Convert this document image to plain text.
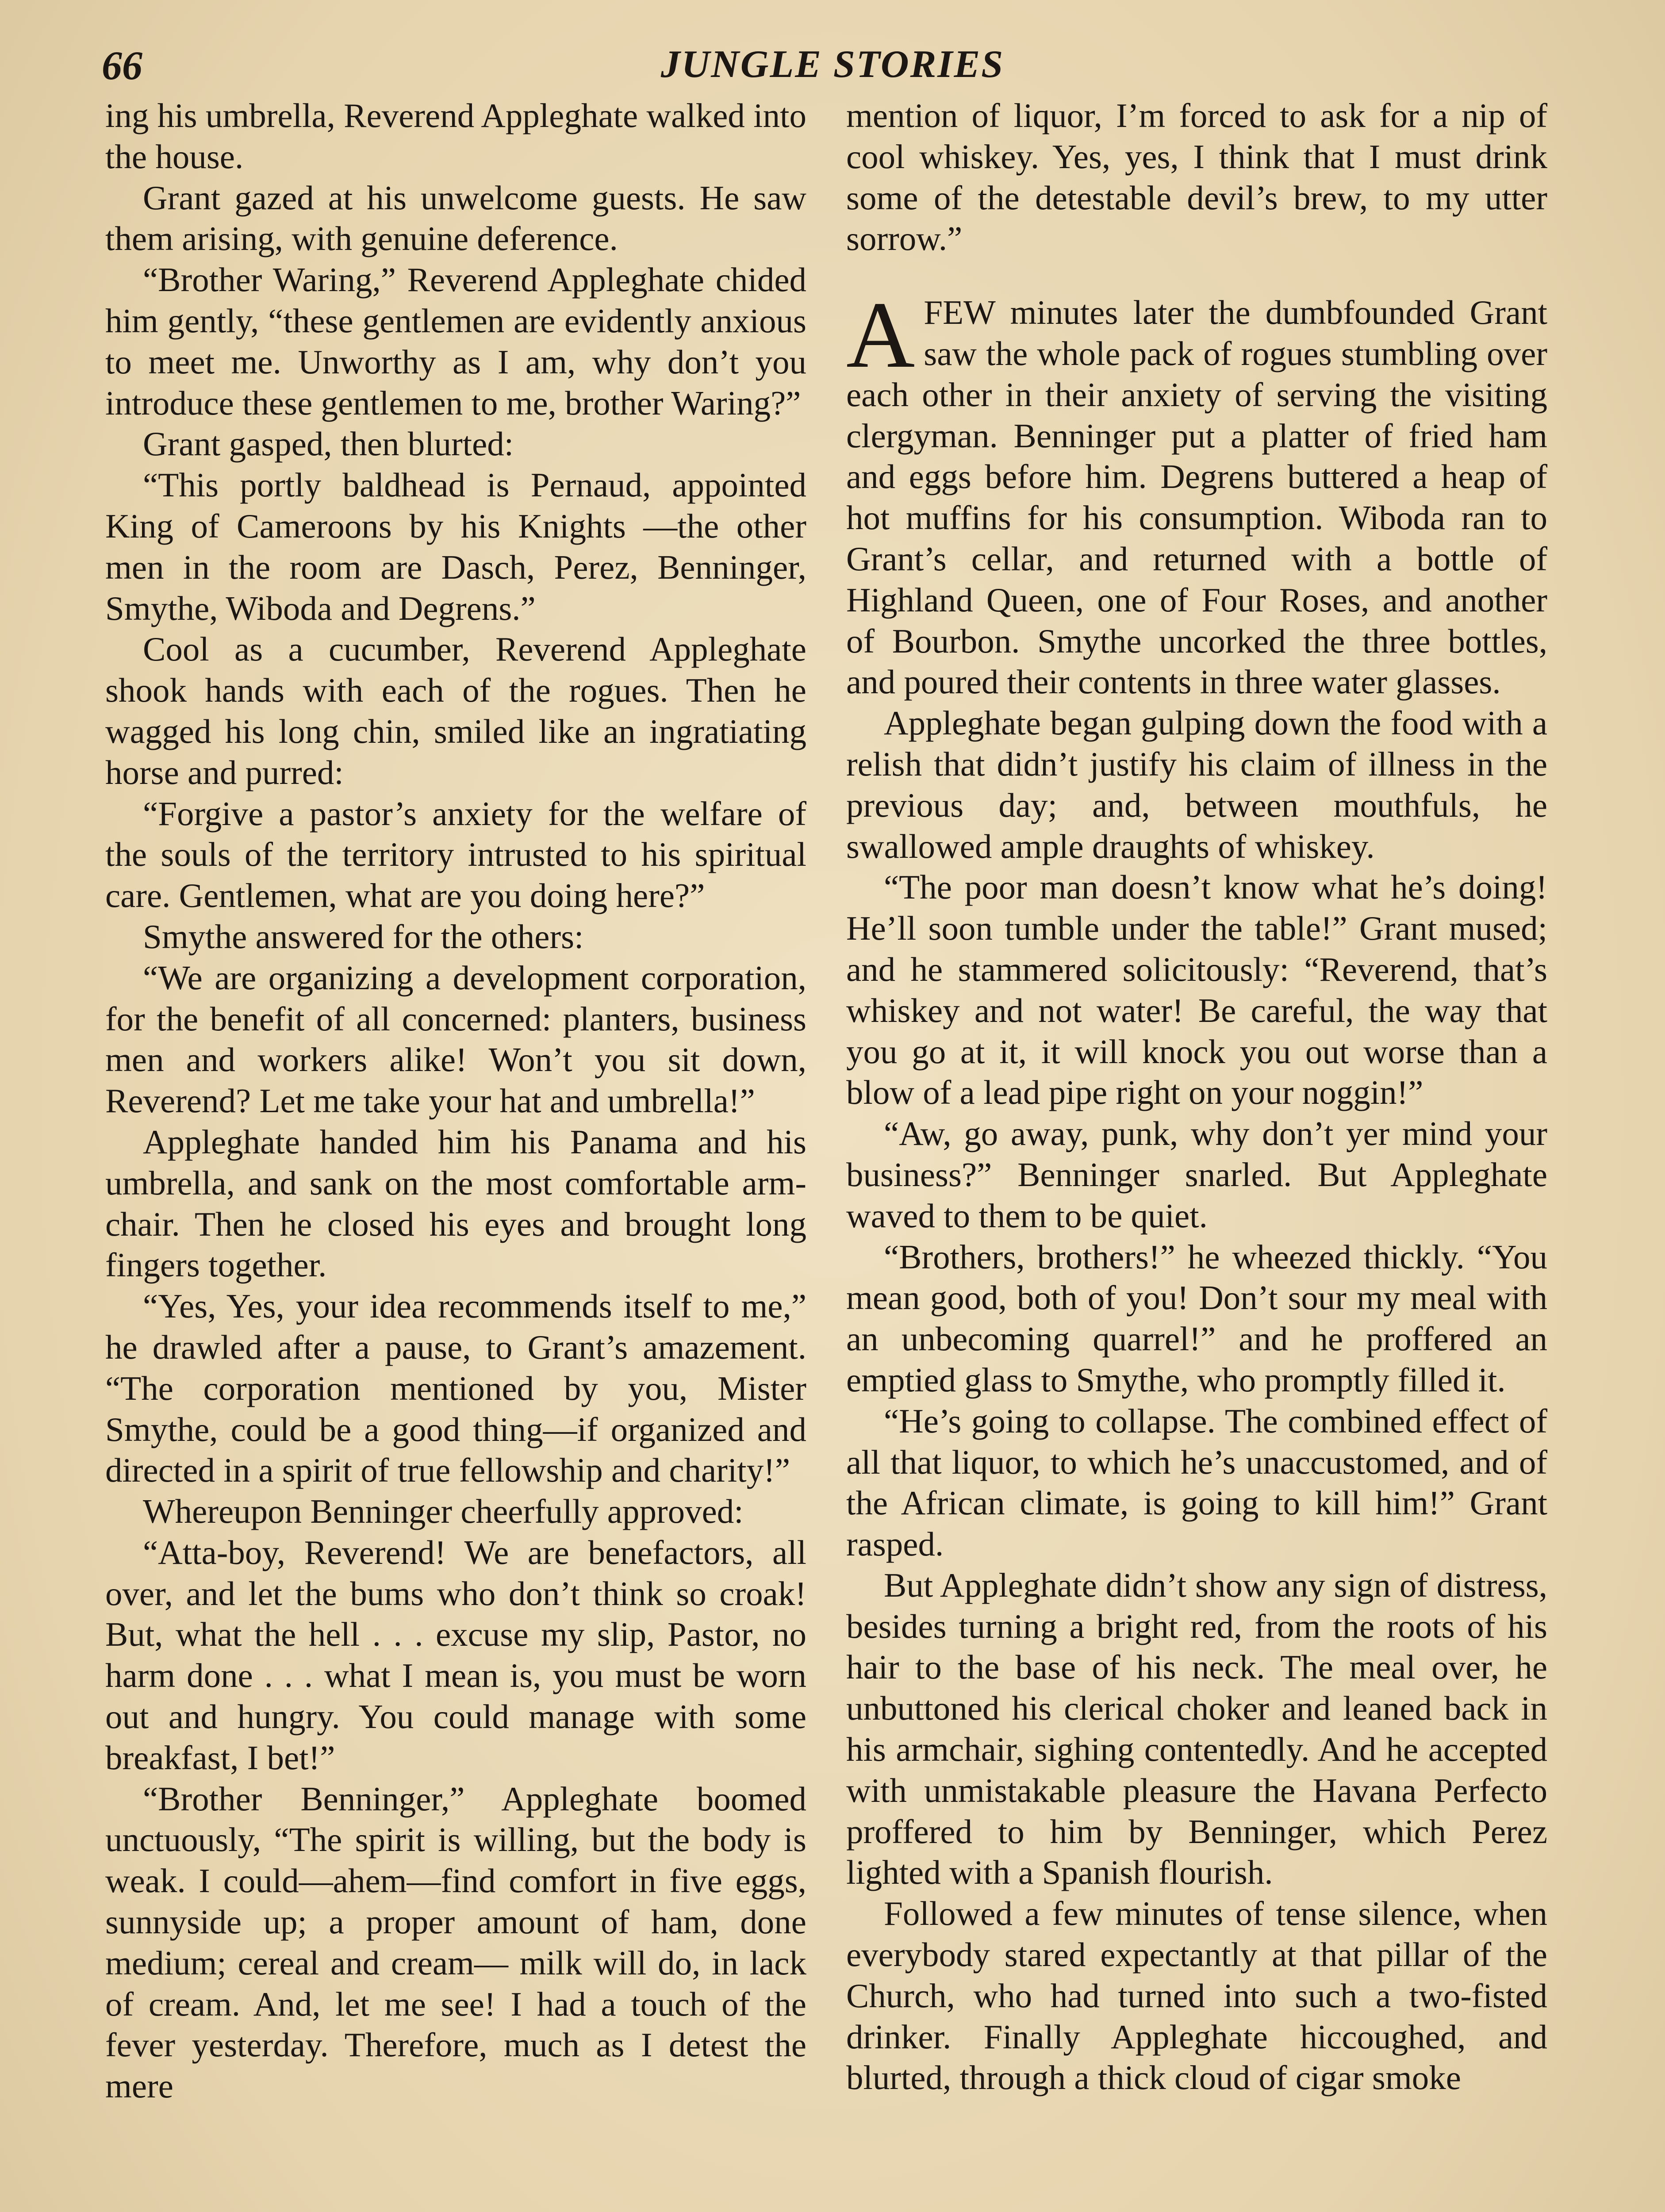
66	JUNGLE STORIES

ing his umbrella, Reverend Appleghate walked into the house.

Grant gazed at his unwelcome guests. He saw them arising, with genuine deference.

“Brother Waring,” Reverend Appleghate chided him gently, “these gentlemen are evidently anxious to meet me. Unworthy as I am, why don’t you introduce these gentlemen to me, brother Waring?”

Grant gasped, then blurted:

“This portly baldhead is Pernaud, appointed King of Cameroons by his Knights —the other men in the room are Dasch, Perez, Benninger, Smythe, Wiboda and Degrens.”

Cool as a cucumber, Reverend Appleghate shook hands with each of the rogues. Then he wagged his long chin, smiled like an ingratiating horse and purred:

“Forgive a pastor’s anxiety for the welfare of the souls of the territory intrusted to his spiritual care. Gentlemen, what are you doing here?”

Smythe answered for the others:

“We are organizing a development corporation, for the benefit of all concerned: planters, business men and workers alike! Won’t you sit down, Reverend? Let me take your hat and umbrella!”

Appleghate handed him his Panama and his umbrella, and sank on the most comfortable arm-chair. Then he closed his eyes and brought long fingers together.

“Yes, Yes, your idea recommends itself to me,” he drawled after a pause, to Grant’s amazement. “The corporation mentioned by you, Mister Smythe, could be a good thing—if organized and directed in a spirit of true fellowship and charity!”

Whereupon Benninger cheerfully approved:

“Atta-boy, Reverend! We are benefactors, all over, and let the bums who don’t think so croak! But, what the hell . . . excuse my slip, Pastor, no harm done . . . what I mean is, you must be worn out and hungry. You could manage with some breakfast, I bet!”

“Brother Benninger,” Appleghate boomed unctuously, “The spirit is willing, but the body is weak. I could—ahem—find comfort in five eggs, sunnyside up; a proper amount of ham, done medium; cereal and cream— milk will do, in lack of cream. And, let me see! I had a touch of the fever yesterday. Therefore, much as I detest the mere

mention of liquor, I’m forced to ask for a nip of cool whiskey. Yes, yes, I think that I must drink some of the detestable devil’s brew, to my utter sorrow.”

AFEW minutes later the dumbfounded Grant saw the whole pack of rogues stumbling over each other in their anxiety of serving the visiting clergyman. Benninger put a platter of fried ham and eggs before him. Degrens buttered a heap of hot muffins for his consumption. Wiboda ran to Grant’s cellar, and returned with a bottle of Highland Queen, one of Four Roses, and another of Bourbon. Smythe uncorked the three bottles, and poured their contents in three water glasses.

Appleghate began gulping down the food with a relish that didn’t justify his claim of illness in the previous day; and, between mouthfuls, he swallowed ample draughts of whiskey.

“The poor man doesn’t know what he’s doing! He’ll soon tumble under the table!” Grant mused; and he stammered solicitously: “Reverend, that’s whiskey and not water! Be careful, the way that you go at it, it will knock you out worse than a blow of a lead pipe right on your noggin!”

“Aw, go away, punk, why don’t yer mind your business?” Benninger snarled. But Appleghate waved to them to be quiet.

“Brothers, brothers!” he wheezed thickly. “You mean good, both of you! Don’t sour my meal with an unbecoming quarrel!” and he proffered an emptied glass to Smythe, who promptly filled it.

“He’s going to collapse. The combined effect of all that liquor, to which he’s unaccustomed, and of the African climate, is going to kill him!” Grant rasped.

But Appleghate didn’t show any sign of distress, besides turning a bright red, from the roots of his hair to the base of his neck. The meal over, he unbuttoned his clerical choker and leaned back in his armchair, sighing contentedly. And he accepted with unmistakable pleasure the Havana Perfecto proffered to him by Benninger, which Perez lighted with a Spanish flourish.

Followed a few minutes of tense silence, when everybody stared expectantly at that pillar of the Church, who had turned into such a two-fisted drinker. Finally Appleghate hiccoughed, and blurted, through a thick cloud of cigar smoke
